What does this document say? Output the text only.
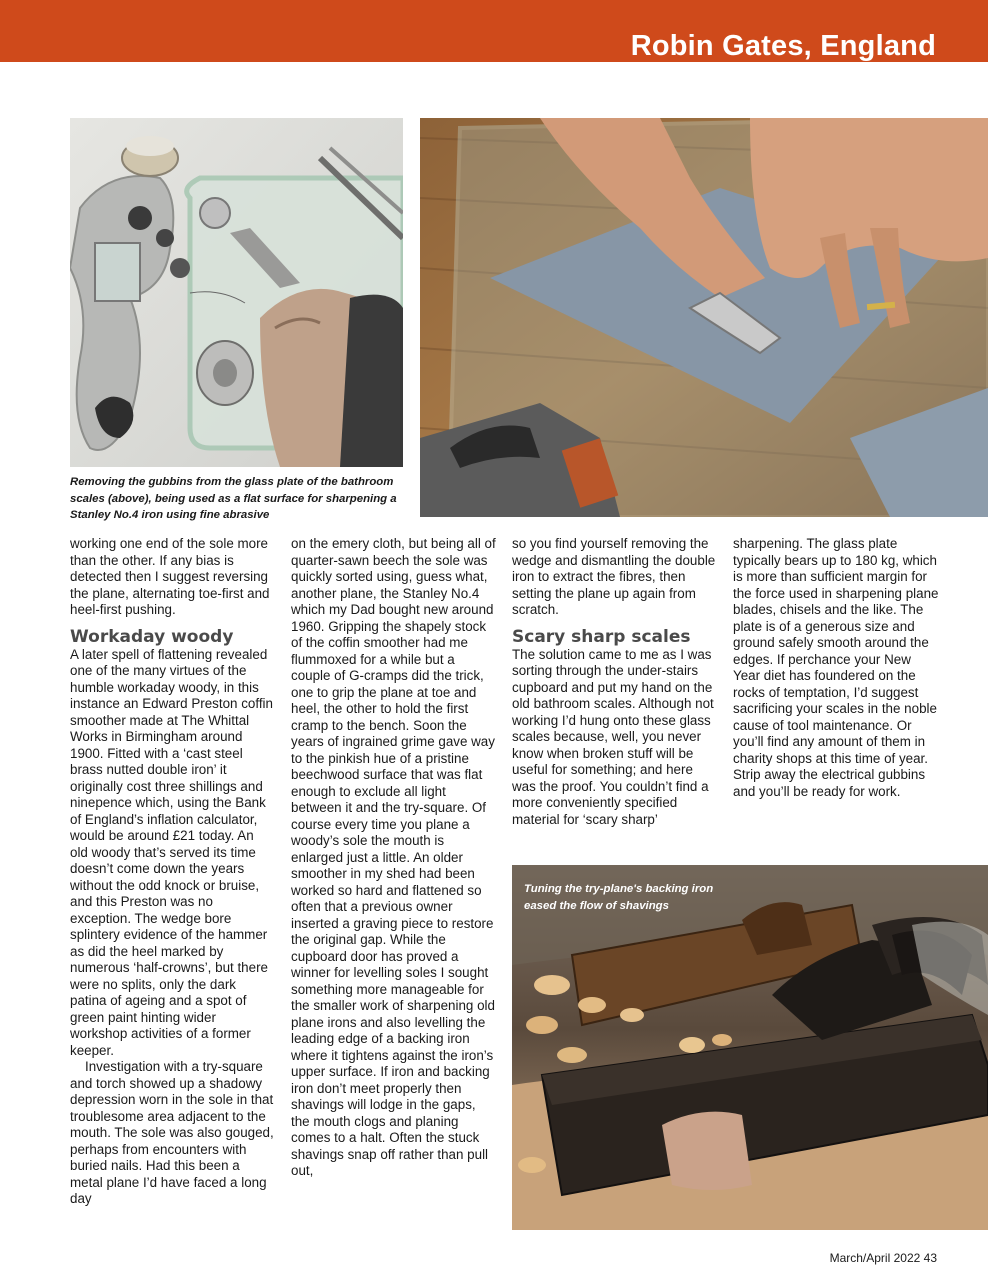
Robin Gates, England
Removing the gubbins from the glass plate of the bathroom scales (above), being used as a flat surface for sharpening a Stanley No.4 iron using fine abrasive

working one end of the sole more than the other. If any bias is detected then I suggest reversing the plane, alternating toe-first and heel-first pushing.

Workaday woody

A later spell of flattening revealed one of the many virtues of the humble workaday woody, in this instance an Edward Preston coffin smoother made at The Whittal Works in Birmingham around 1900. Fitted with a ‘cast steel brass nutted double iron’ it originally cost three shillings and ninepence which, using the Bank of England’s inflation calculator, would be around £21 today. An old woody that’s served its time doesn’t come down the years without the odd knock or bruise, and this Preston was no exception. The wedge bore splintery evidence of the hammer as did the heel marked by numerous ‘half-crowns’, but there were no splits, only the dark patina of ageing and a spot of green paint hinting wider workshop activities of a former keeper.

Investigation with a try-square and torch showed up a shadowy depression worn in the sole in that troublesome area adjacent to the mouth. The sole was also gouged, perhaps from encounters with buried nails. Had this been a metal plane I’d have faced a long day

on the emery cloth, but being all of quarter-sawn beech the sole was quickly sorted using, guess what, another plane, the Stanley No.4 which my Dad bought new around 1960. Gripping the shapely stock of the coffin smoother had me flummoxed for a while but a couple of G-cramps did the trick, one to grip the plane at toe and heel, the other to hold the first cramp to the bench. Soon the years of ingrained grime gave way to the pinkish hue of a pristine beechwood surface that was flat enough to exclude all light between it and the try-square. Of course every time you plane a woody’s sole the mouth is enlarged just a little. An older smoother in my shed had been worked so hard and flattened so often that a previous owner inserted a graving piece to restore the original gap. While the cupboard door has proved a winner for levelling soles I sought something more manageable for the smaller work of sharpening old plane irons and also levelling the leading edge of a backing iron where it tightens against the iron’s upper surface. If iron and backing iron don’t meet properly then shavings will lodge in the gaps, the mouth clogs and planing comes to a halt. Often the stuck shavings snap off rather than pull out,

so you find yourself removing the wedge and dismantling the double iron to extract the fibres, then setting the plane up again from scratch.

Scary sharp scales

The solution came to me as I was sorting through the under-stairs cupboard and put my hand on the old bathroom scales. Although not working I’d hung onto these glass scales because, well, you never know when broken stuff will be useful for something; and here was the proof. You couldn’t find a more conveniently specified material for ‘scary sharp’

sharpening. The glass plate typically bears up to 180 kg, which is more than sufficient margin for the force used in sharpening plane blades, chisels and the like. The plate is of a generous size and ground safely smooth around the edges. If perchance your New Year diet has foundered on the rocks of temptation, I’d suggest sacrificing your scales in the noble cause of tool maintenance. Or you’ll find any amount of them in charity shops at this time of year. Strip away the electrical gubbins and you’ll be ready for work.

Tuning the try-plane's backing iron eased the flow of shavings
March/April 2022 43
